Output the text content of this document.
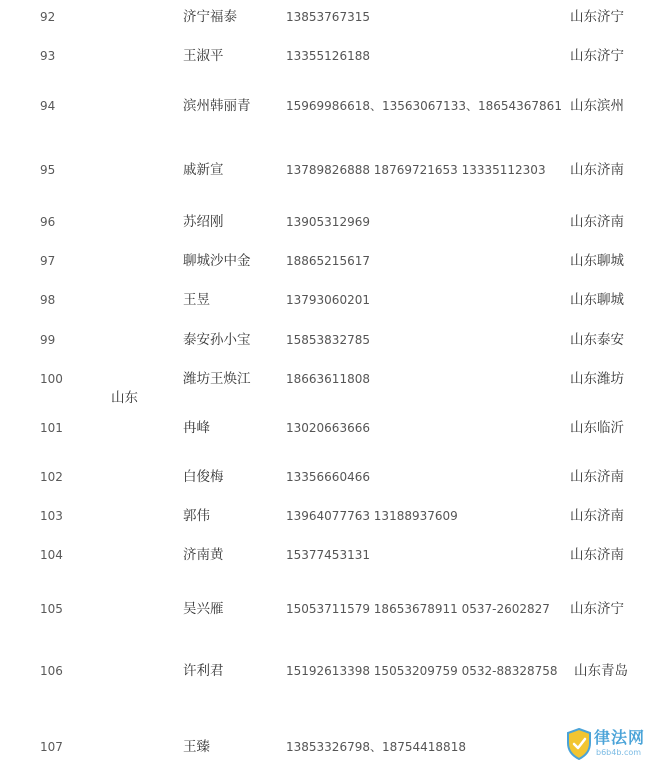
92	济宁福泰	13853767315	山东济宁
93	王淑平	13355126188	山东济宁
94	滨州韩丽青	15969986618、13563067133、18654367861 山东滨州
95	戚新宣	13789826888 18769721653 13335112303 山东济南
96	苏绍刚	13905312969	山东济南
97	聊城沙中金	18865215617	山东聊城
98	王昱	13793060201	山东聊城
99	泰安孙小宝	15853832785	山东泰安
100	潍坊王焕江	18663611808	山东潍坊
山东
101	冉峰	13020663666	山东临沂
102	白俊梅	13356660466	山东济南
103	郭伟	13964077763 13188937609	山东济南
104	济南黄	15377453131	山东济南
105	吴兴雁	15053711579 18653678911 0537-2602827 山东济宁
106	许利君	15192613398 15053209759 0532-88328758 山东青岛
107	王臻	13853326798、18754418818	律法网
b6b4b.com
